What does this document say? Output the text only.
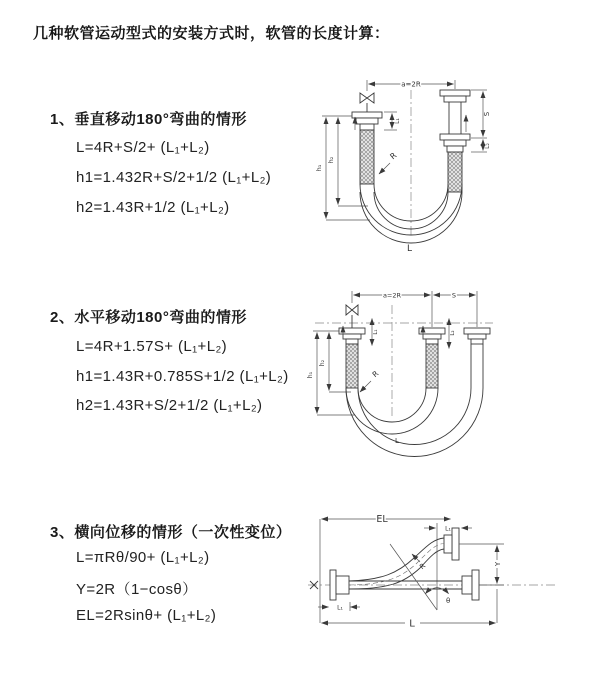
几种软管运动型式的安装方式时，软管的长度计算：
1、垂直移动180°弯曲的情形
L=4R+S/2+ (L₁+L₂)
h1=1.432R+S/2+1/2 (L₁+L₂)
h2=1.43R+1/2 (L₁+L₂)
a=2R
L₁
S
L₂
h₁
h₂	R
L
2、水平移动180°弯曲的情形
L=4R+1.57S+ (L₁+L₂)
h1=1.43R+0.785S+1/2 (L₁+L₂)
h2=1.43R+S/2+1/2 (L₁+L₂)
a=2R	S
L₁	L₂
h₁
h₂
R
L
3、横向位移的情形（一次性变位）
L=πRθ/90+ (L₁+L₂)
Y=2R（1−cosθ）
EL=2Rsinθ+ (L₁+L₂)
EL
L₁
L₁
R
θ
Y
L
